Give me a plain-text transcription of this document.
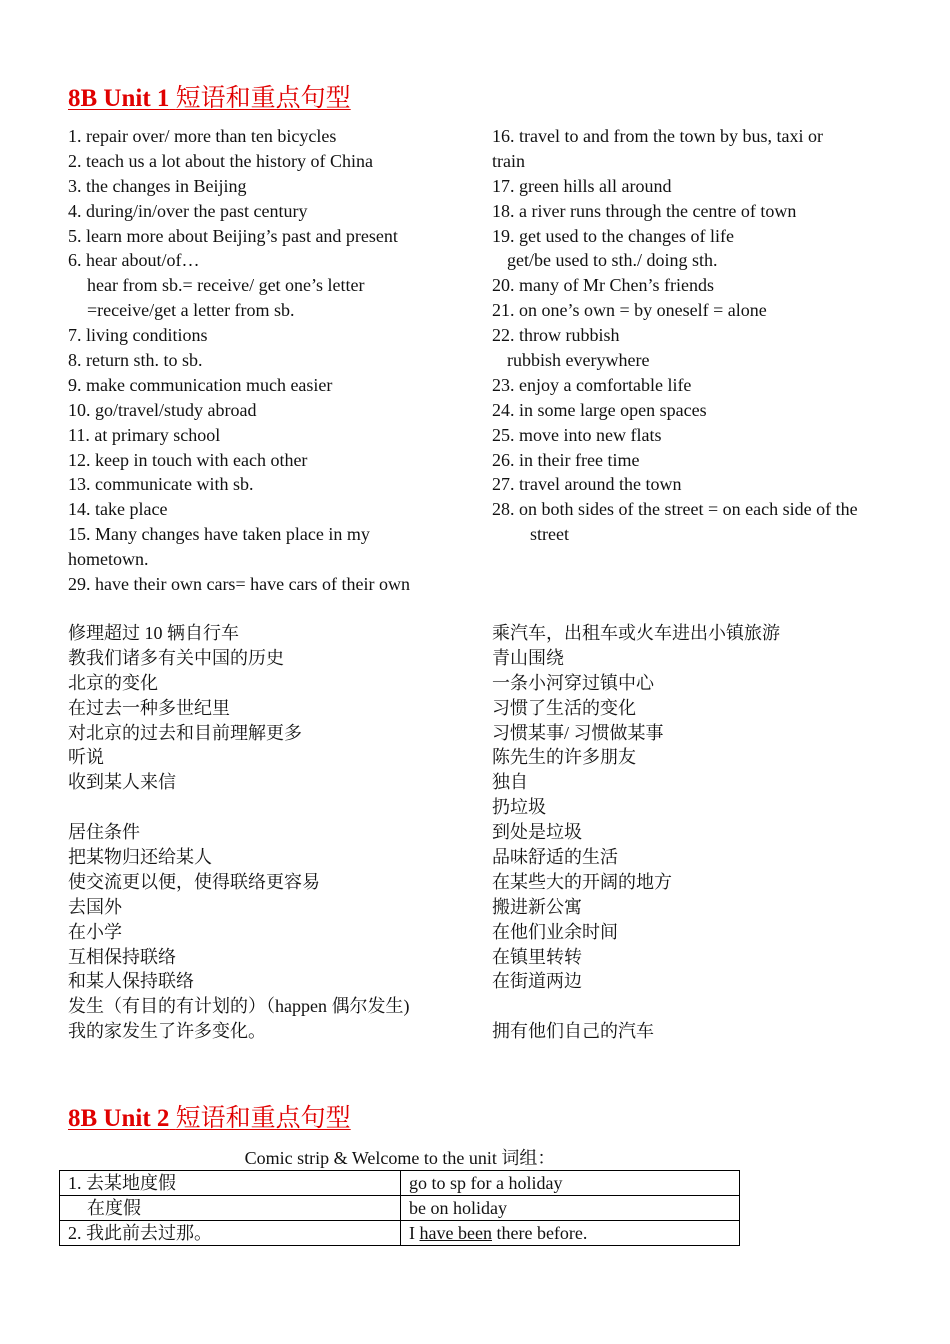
8B Unit 1 短语和重点句型
1. repair over/ more than ten bicycles
2. teach us a lot about the history of China
3. the changes in Beijing
4. during/in/over the past century
5. learn more about Beijing’s past and present
6. hear about/of…
hear from sb.= receive/ get one’s letter
=receive/get a letter from sb.
7. living conditions
8. return sth. to sb.
9. make communication much easier
10. go/travel/study abroad
11. at primary school
12. keep in touch with each other
13. communicate with sb.
14. take place
15. Many changes have taken place in my
hometown.
29. have their own cars= have cars of their own
16. travel to and from the town by bus, taxi or
train
17. green hills all around
18. a river runs through the centre of town
19. get used to the changes of life
get/be used to sth./ doing sth.
20. many of Mr Chen’s friends
21. on one’s own = by oneself = alone
22. throw rubbish
rubbish everywhere
23. enjoy a comfortable life
24. in some large open spaces
25. move into new flats
26. in their free time
27. travel around the town
28. on both sides of the street = on each side of the
street
修理超过 10 辆自行车
教我们诸多有关中国的历史
北京的变化
在过去一种多世纪里
对北京的过去和目前理解更多
听说
收到某人来信
居住条件
把某物归还给某人
使交流更以便，使得联络更容易
去国外
在小学
互相保持联络
和某人保持联络
发生（有目的有计划的）（happen 偶尔发生)
我的家发生了许多变化。
乘汽车，出租车或火车进出小镇旅游
青山围绕
一条小河穿过镇中心
习惯了生活的变化
习惯某事/ 习惯做某事
陈先生的许多朋友
独自
扔垃圾
到处是垃圾
品味舒适的生活
在某些大的开阔的地方
搬进新公寓
在他们业余时间
在镇里转转
在街道两边
拥有他们自己的汽车
8B Unit 2 短语和重点句型
Comic strip & Welcome to the unit 词组：
1. 去某地度假	go to sp for a holiday
在度假	be on holiday
2. 我此前去过那。	I have been there before.
